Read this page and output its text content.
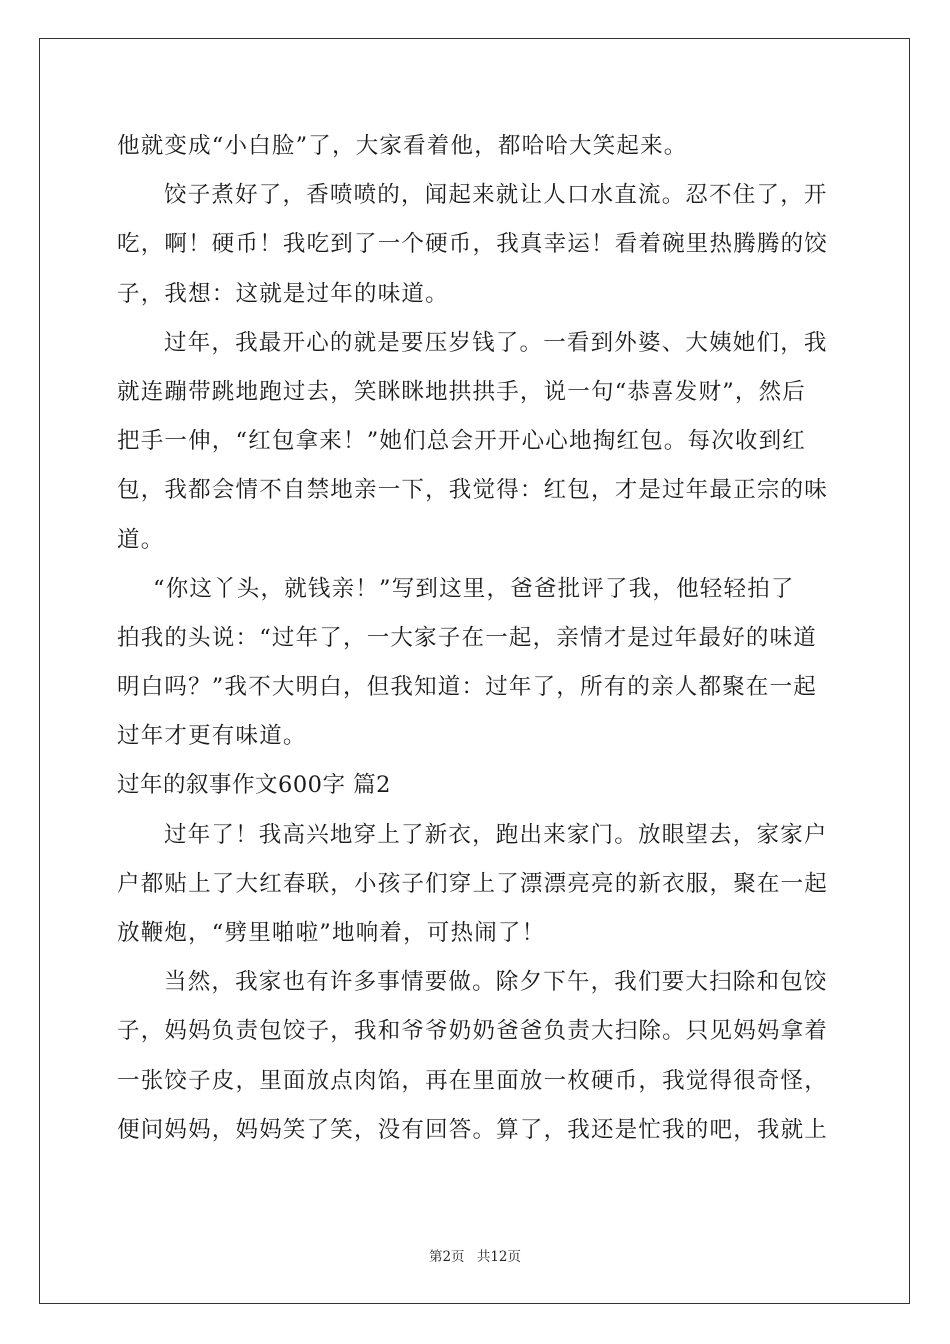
他就变成“小白脸”了，大家看着他，都哈哈大笑起来。
饺子煮好了，香喷喷的，闻起来就让人口水直流。忍不住了，开
吃，啊！硬币！我吃到了一个硬币，我真幸运！看着碗里热腾腾的饺
子，我想：这就是过年的味道。
过年，我最开心的就是要压岁钱了。一看到外婆、大姨她们，我
就连蹦带跳地跑过去，笑眯眯地拱拱手，说一句“恭喜发财”，然后
把手一伸，“红包拿来！”她们总会开开心心地掏红包。每次收到红
包，我都会情不自禁地亲一下，我觉得：红包，才是过年最正宗的味
道。
“你这丫头，就钱亲！”写到这里，爸爸批评了我，他轻轻拍了
拍我的头说：“过年了，一大家子在一起，亲情才是过年最好的味道
明白吗？”我不大明白，但我知道：过年了，所有的亲人都聚在一起
过年才更有味道。
过年的叙事作文600字 篇2
过年了！我高兴地穿上了新衣，跑出来家门。放眼望去，家家户
户都贴上了大红春联，小孩子们穿上了漂漂亮亮的新衣服，聚在一起
放鞭炮，“劈里啪啦”地响着，可热闹了！
当然，我家也有许多事情要做。除夕下午，我们要大扫除和包饺
子，妈妈负责包饺子，我和爷爷奶奶爸爸负责大扫除。只见妈妈拿着
一张饺子皮，里面放点肉馅，再在里面放一枚硬币，我觉得很奇怪，
便问妈妈，妈妈笑了笑，没有回答。算了，我还是忙我的吧，我就上
第2页 共12页
